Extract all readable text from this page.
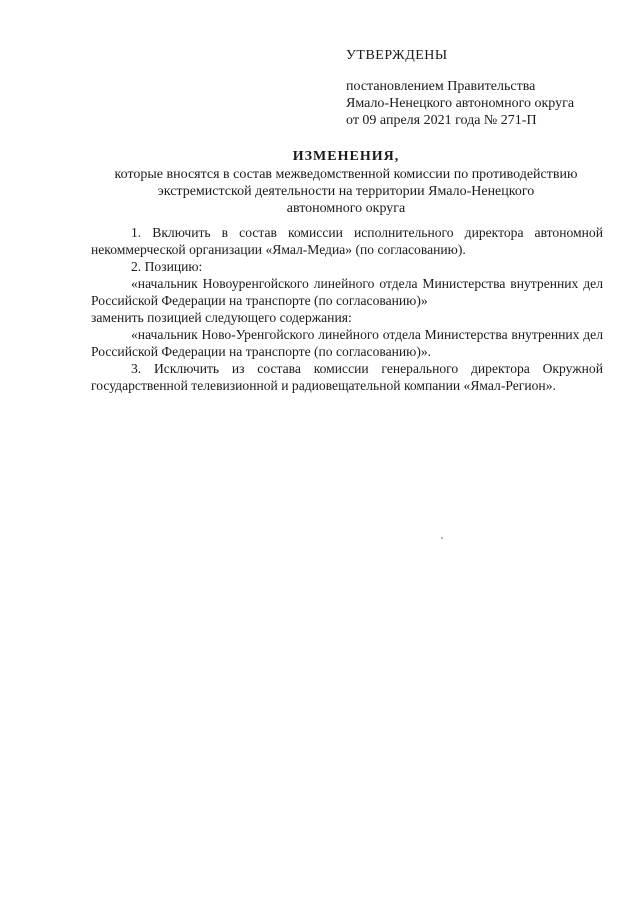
УТВЕРЖДЕНЫ
постановлением Правительства
Ямало-Ненецкого автономного округа
от 09 апреля 2021 года № 271-П
ИЗМЕНЕНИЯ,
которые вносятся в состав межведомственной комиссии по противодействию
экстремистской деятельности на территории Ямало-Ненецкого
автономного округа

1. Включить в состав комиссии исполнительного директора автономной некоммерческой организации «Ямал-Медиа» (по согласованию).

2. Позицию:

«начальник Новоуренгойского линейного отдела Министерства внутренних дел Российской Федерации на транспорте (по согласованию)»

заменить позицией следующего содержания:

«начальник Ново-Уренгойского линейного отдела Министерства внутренних дел Российской Федерации на транспорте (по согласованию)».

3. Исключить из состава комиссии генерального директора Окружной государственной телевизионной и радиовещательной компании «Ямал-Регион».
